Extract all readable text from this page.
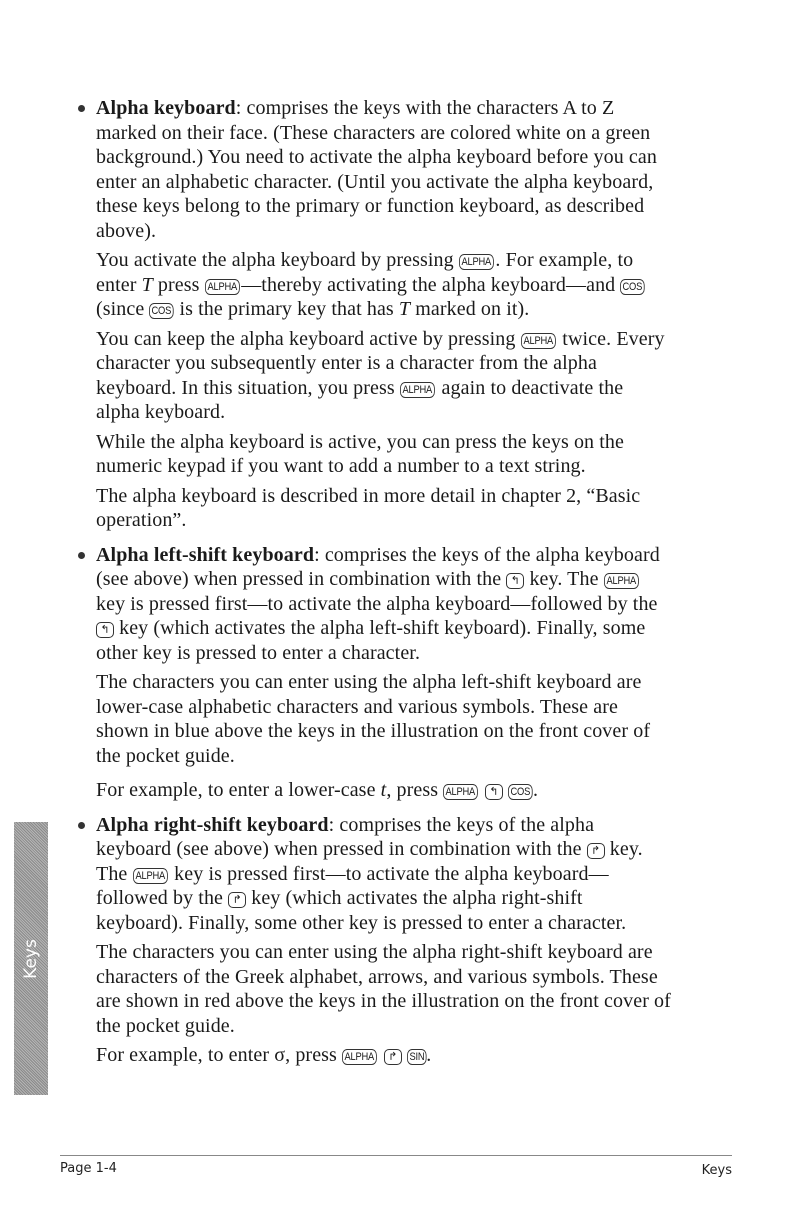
Alpha keyboard: comprises the keys with the characters A to Z
marked on their face. (These characters are colored white on a green
background.) You need to activate the alpha keyboard before you can
enter an alphabetic character. (Until you activate the alpha keyboard,
these keys belong to the primary or function keyboard, as described
above).
You activate the alpha keyboard by pressing ALPHA . For example, to
enter T press ALPHA —thereby activating the alpha keyboard—and COS
(since COS is the primary key that has T marked on it).
You can keep the alpha keyboard active by pressing ALPHA twice. Every
character you subsequently enter is a character from the alpha
keyboard. In this situation, you press ALPHA again to deactivate the
alpha keyboard.
While the alpha keyboard is active, you can press the keys on the
numeric keypad if you want to add a number to a text string.
The alpha keyboard is described in more detail in chapter 2, “Basic
operation”.
Alpha left-shift keyboard: comprises the keys of the alpha keyboard
(see above) when pressed in combination with the ↰ key. The ALPHA
key is pressed first—to activate the alpha keyboard—followed by the
↰ key (which activates the alpha left-shift keyboard). Finally, some
other key is pressed to enter a character.
The characters you can enter using the alpha left-shift keyboard are
lower-case alphabetic characters and various symbols. These are
shown in blue above the keys in the illustration on the front cover of
the pocket guide.
For example, to enter a lower-case t, press ALPHA ↰ COS .
Alpha right-shift keyboard: comprises the keys of the alpha
keyboard (see above) when pressed in combination with the ↱ key.
The ALPHA key is pressed first—to activate the alpha keyboard—
followed by the ↱ key (which activates the alpha right-shift
keyboard). Finally, some other key is pressed to enter a character.
The characters you can enter using the alpha right-shift keyboard are
characters of the Greek alphabet, arrows, and various symbols. These
are shown in red above the keys in the illustration on the front cover of
the pocket guide.
For example, to enter σ, press ALPHA ↱ SIN .
Keys
Page 1-4	Keys
